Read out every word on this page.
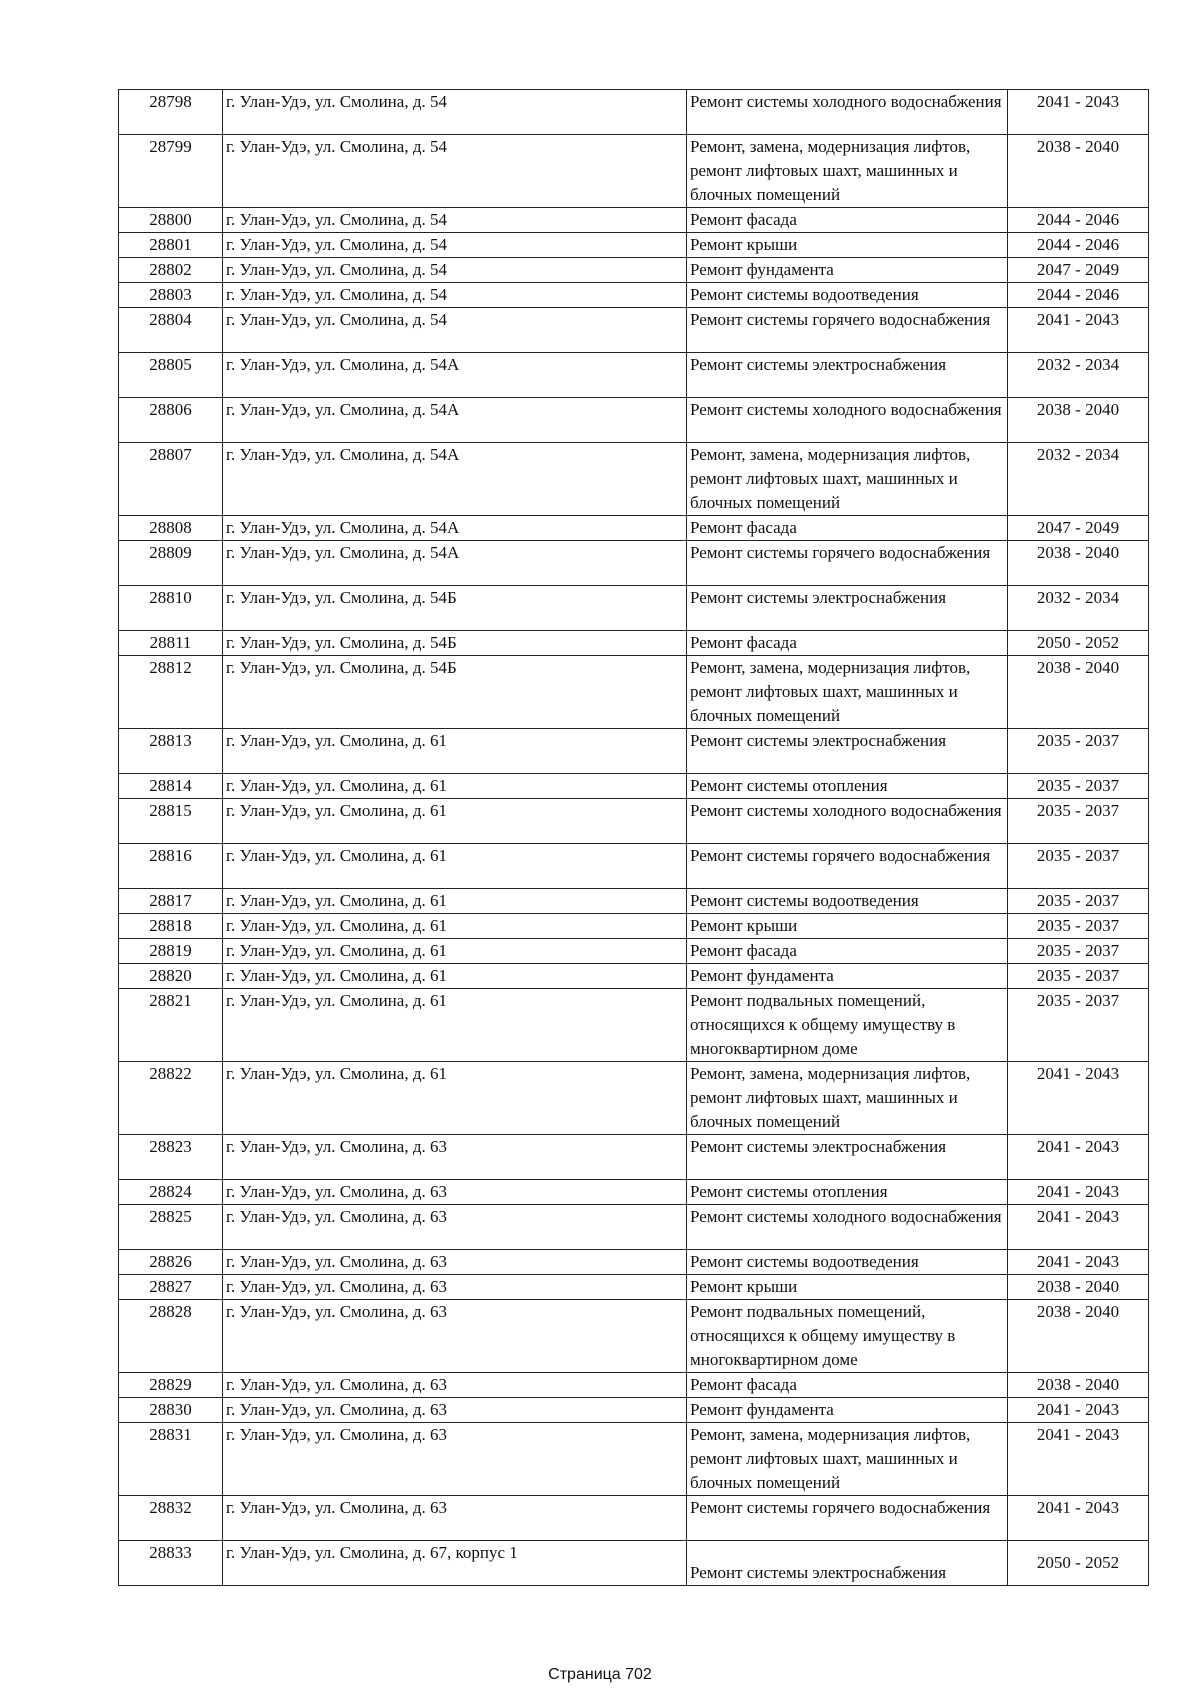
28798	г. Улан-Удэ, ул. Смолина, д. 54	Ремонт системы холодного водоснабжения	2041 - 2043
28799	г. Улан-Удэ, ул. Смолина, д. 54	Ремонт, замена, модернизация лифтов, ремонт лифтовых шахт, машинных и блочных помещений	2038 - 2040
28800	г. Улан-Удэ, ул. Смолина, д. 54	Ремонт фасада	2044 - 2046
28801	г. Улан-Удэ, ул. Смолина, д. 54	Ремонт крыши	2044 - 2046
28802	г. Улан-Удэ, ул. Смолина, д. 54	Ремонт фундамента	2047 - 2049
28803	г. Улан-Удэ, ул. Смолина, д. 54	Ремонт системы водоотведения	2044 - 2046
28804	г. Улан-Удэ, ул. Смолина, д. 54	Ремонт системы горячего водоснабжения	2041 - 2043
28805	г. Улан-Удэ, ул. Смолина, д. 54А	Ремонт системы электроснабжения	2032 - 2034
28806	г. Улан-Удэ, ул. Смолина, д. 54А	Ремонт системы холодного водоснабжения	2038 - 2040
28807	г. Улан-Удэ, ул. Смолина, д. 54А	Ремонт, замена, модернизация лифтов, ремонт лифтовых шахт, машинных и блочных помещений	2032 - 2034
28808	г. Улан-Удэ, ул. Смолина, д. 54А	Ремонт фасада	2047 - 2049
28809	г. Улан-Удэ, ул. Смолина, д. 54А	Ремонт системы горячего водоснабжения	2038 - 2040
28810	г. Улан-Удэ, ул. Смолина, д. 54Б	Ремонт системы электроснабжения	2032 - 2034
28811	г. Улан-Удэ, ул. Смолина, д. 54Б	Ремонт фасада	2050 - 2052
28812	г. Улан-Удэ, ул. Смолина, д. 54Б	Ремонт, замена, модернизация лифтов, ремонт лифтовых шахт, машинных и блочных помещений	2038 - 2040
28813	г. Улан-Удэ, ул. Смолина, д. 61	Ремонт системы электроснабжения	2035 - 2037
28814	г. Улан-Удэ, ул. Смолина, д. 61	Ремонт системы отопления	2035 - 2037
28815	г. Улан-Удэ, ул. Смолина, д. 61	Ремонт системы холодного водоснабжения	2035 - 2037
28816	г. Улан-Удэ, ул. Смолина, д. 61	Ремонт системы горячего водоснабжения	2035 - 2037
28817	г. Улан-Удэ, ул. Смолина, д. 61	Ремонт системы водоотведения	2035 - 2037
28818	г. Улан-Удэ, ул. Смолина, д. 61	Ремонт крыши	2035 - 2037
28819	г. Улан-Удэ, ул. Смолина, д. 61	Ремонт фасада	2035 - 2037
28820	г. Улан-Удэ, ул. Смолина, д. 61	Ремонт фундамента	2035 - 2037
28821	г. Улан-Удэ, ул. Смолина, д. 61	Ремонт подвальных помещений, относящихся к общему имуществу в многоквартирном доме	2035 - 2037
28822	г. Улан-Удэ, ул. Смолина, д. 61	Ремонт, замена, модернизация лифтов, ремонт лифтовых шахт, машинных и блочных помещений	2041 - 2043
28823	г. Улан-Удэ, ул. Смолина, д. 63	Ремонт системы электроснабжения	2041 - 2043
28824	г. Улан-Удэ, ул. Смолина, д. 63	Ремонт системы отопления	2041 - 2043
28825	г. Улан-Удэ, ул. Смолина, д. 63	Ремонт системы холодного водоснабжения	2041 - 2043
28826	г. Улан-Удэ, ул. Смолина, д. 63	Ремонт системы водоотведения	2041 - 2043
28827	г. Улан-Удэ, ул. Смолина, д. 63	Ремонт крыши	2038 - 2040
28828	г. Улан-Удэ, ул. Смолина, д. 63	Ремонт подвальных помещений, относящихся к общему имуществу в многоквартирном доме	2038 - 2040
28829	г. Улан-Удэ, ул. Смолина, д. 63	Ремонт фасада	2038 - 2040
28830	г. Улан-Удэ, ул. Смолина, д. 63	Ремонт фундамента	2041 - 2043
28831	г. Улан-Удэ, ул. Смолина, д. 63	Ремонт, замена, модернизация лифтов, ремонт лифтовых шахт, машинных и блочных помещений	2041 - 2043
28832	г. Улан-Удэ, ул. Смолина, д. 63	Ремонт системы горячего водоснабжения	2041 - 2043
28833	г. Улан-Удэ, ул. Смолина, д. 67, корпус 1	Ремонт системы электроснабжения	2050 - 2052
Страница 702
